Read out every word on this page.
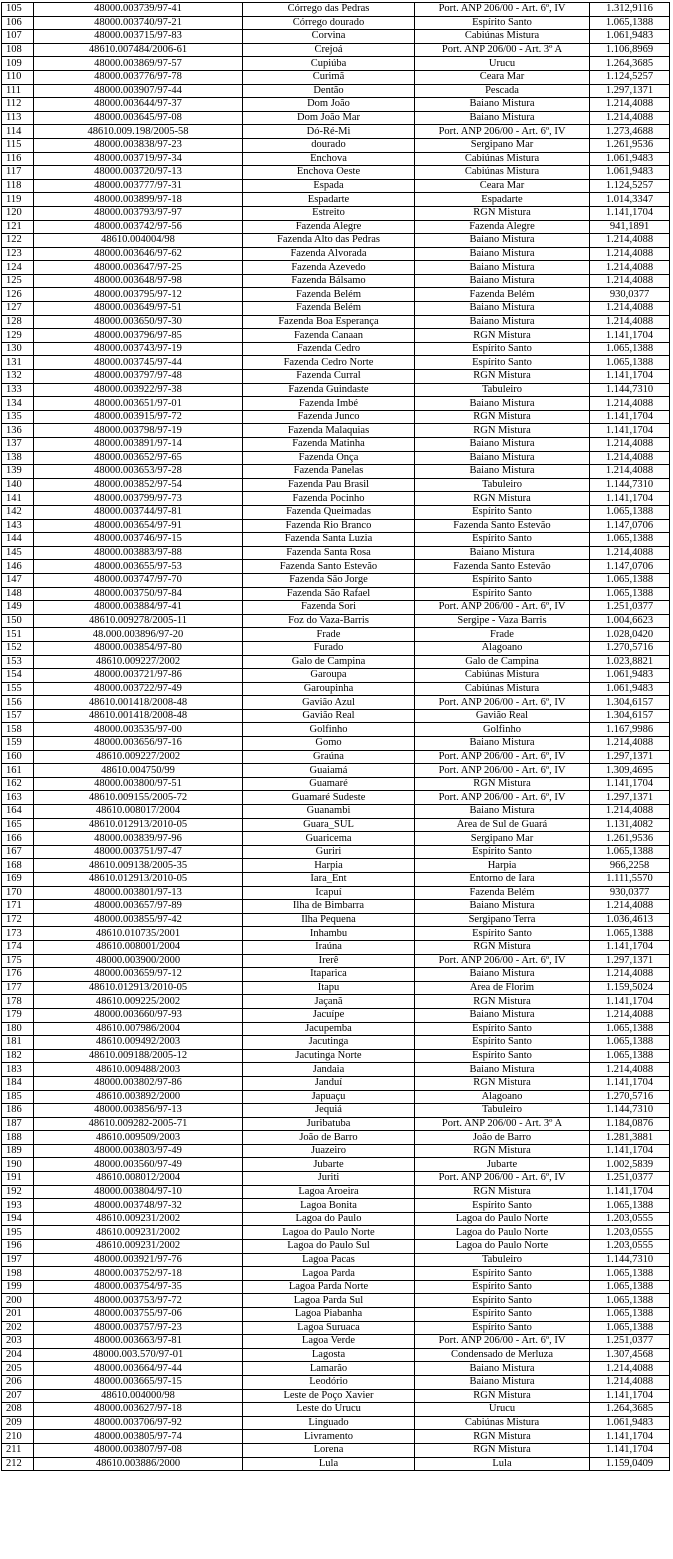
105	48000.003739/97-41	Córrego das Pedras	Port. ANP 206/00 - Art. 6º, IV	1.312,9116
106	48000.003740/97-21	Córrego dourado	Espírito Santo	1.065,1388
107	48000.003715/97-83	Corvina	Cabiúnas Mistura	1.061,9483
108	48610.007484/2006-61	Crejoá	Port. ANP 206/00 - Art. 3º A	1.106,8969
109	48000.003869/97-57	Cupiúba	Urucu	1.264,3685
110	48000.003776/97-78	Curimã	Ceara Mar	1.124,5257
111	48000.003907/97-44	Dentão	Pescada	1.297,1371
112	48000.003644/97-37	Dom João	Baiano Mistura	1.214,4088
113	48000.003645/97-08	Dom João Mar	Baiano Mistura	1.214,4088
114	48610.009.198/2005-58	Dó-Ré-Mi	Port. ANP 206/00 - Art. 6º, IV	1.273,4688
115	48000.003838/97-23	dourado	Sergipano Mar	1.261,9536
116	48000.003719/97-34	Enchova	Cabiúnas Mistura	1.061,9483
117	48000.003720/97-13	Enchova Oeste	Cabiúnas Mistura	1.061,9483
118	48000.003777/97-31	Espada	Ceara Mar	1.124,5257
119	48000.003899/97-18	Espadarte	Espadarte	1.014,3347
120	48000.003793/97-97	Estreito	RGN Mistura	1.141,1704
121	48000.003742/97-56	Fazenda Alegre	Fazenda Alegre	941,1891
122	48610.004004/98	Fazenda Alto das Pedras	Baiano Mistura	1.214,4088
123	48000.003646/97-62	Fazenda Alvorada	Baiano Mistura	1.214,4088
124	48000.003647/97-25	Fazenda Azevedo	Baiano Mistura	1.214,4088
125	48000.003648/97-98	Fazenda Bálsamo	Baiano Mistura	1.214,4088
126	48000.003795/97-12	Fazenda Belém	Fazenda Belém	930,0377
127	48000.003649/97-51	Fazenda Belém	Baiano Mistura	1.214,4088
128	48000.003650/97-30	Fazenda Boa Esperança	Baiano Mistura	1.214,4088
129	48000.003796/97-85	Fazenda Canaan	RGN Mistura	1.141,1704
130	48000.003743/97-19	Fazenda Cedro	Espírito Santo	1.065,1388
131	48000.003745/97-44	Fazenda Cedro Norte	Espírito Santo	1.065,1388
132	48000.003797/97-48	Fazenda Curral	RGN Mistura	1.141,1704
133	48000.003922/97-38	Fazenda Guindaste	Tabuleiro	1.144,7310
134	48000.003651/97-01	Fazenda Imbé	Baiano Mistura	1.214,4088
135	48000.003915/97-72	Fazenda Junco	RGN Mistura	1.141,1704
136	48000.003798/97-19	Fazenda Malaquias	RGN Mistura	1.141,1704
137	48000.003891/97-14	Fazenda Matinha	Baiano Mistura	1.214,4088
138	48000.003652/97-65	Fazenda Onça	Baiano Mistura	1.214,4088
139	48000.003653/97-28	Fazenda Panelas	Baiano Mistura	1.214,4088
140	48000.003852/97-54	Fazenda Pau Brasil	Tabuleiro	1.144,7310
141	48000.003799/97-73	Fazenda Pocinho	RGN Mistura	1.141,1704
142	48000.003744/97-81	Fazenda Queimadas	Espírito Santo	1.065,1388
143	48000.003654/97-91	Fazenda Rio Branco	Fazenda Santo Estevão	1.147,0706
144	48000.003746/97-15	Fazenda Santa Luzia	Espírito Santo	1.065,1388
145	48000.003883/97-88	Fazenda Santa Rosa	Baiano Mistura	1.214,4088
146	48000.003655/97-53	Fazenda Santo Estevão	Fazenda Santo Estevão	1.147,0706
147	48000.003747/97-70	Fazenda São Jorge	Espírito Santo	1.065,1388
148	48000.003750/97-84	Fazenda São Rafael	Espírito Santo	1.065,1388
149	48000.003884/97-41	Fazenda Sori	Port. ANP 206/00 - Art. 6º, IV	1.251,0377
150	48610.009278/2005-11	Foz do Vaza-Barris	Sergipe - Vaza Barris	1.004,6623
151	48.000.003896/97-20	Frade	Frade	1.028,0420
152	48000.003854/97-80	Furado	Alagoano	1.270,5716
153	48610.009227/2002	Galo de Campina	Galo de Campina	1.023,8821
154	48000.003721/97-86	Garoupa	Cabiúnas Mistura	1.061,9483
155	48000.003722/97-49	Garoupinha	Cabiúnas Mistura	1.061,9483
156	48610.001418/2008-48	Gavião Azul	Port. ANP 206/00 - Art. 6º, IV	1.304,6157
157	48610.001418/2008-48	Gavião Real	Gavião Real	1.304,6157
158	48000.003535/97-00	Golfinho	Golfinho	1.167,9986
159	48000.003656/97-16	Gomo	Baiano Mistura	1.214,4088
160	48610.009227/2002	Graúna	Port. ANP 206/00 - Art. 6º, IV	1.297,1371
161	48610.004750/99	Guaiamá	Port. ANP 206/00 - Art. 6º, IV	1.309,4695
162	48000.003800/97-51	Guamaré	RGN Mistura	1.141,1704
163	48610.009155/2005-72	Guamaré Sudeste	Port. ANP 206/00 - Art. 6º, IV	1.297,1371
164	48610.008017/2004	Guanambi	Baiano Mistura	1.214,4088
165	48610.012913/2010-05	Guara_SUL	Área de Sul de Guará	1.131,4082
166	48000.003839/97-96	Guaricema	Sergipano Mar	1.261,9536
167	48000.003751/97-47	Guriri	Espírito Santo	1.065,1388
168	48610.009138/2005-35	Harpia	Harpia	966,2258
169	48610.012913/2010-05	Iara_Ent	Entorno de Iara	1.111,5570
170	48000.003801/97-13	Icapuí	Fazenda Belém	930,0377
171	48000.003657/97-89	Ilha de Bimbarra	Baiano Mistura	1.214,4088
172	48000.003855/97-42	Ilha Pequena	Sergipano Terra	1.036,4613
173	48610.010735/2001	Inhambu	Espírito Santo	1.065,1388
174	48610.008001/2004	Iraúna	RGN Mistura	1.141,1704
175	48000.003900/2000	Irerê	Port. ANP 206/00 - Art. 6º, IV	1.297,1371
176	48000.003659/97-12	Itaparica	Baiano Mistura	1.214,4088
177	48610.012913/2010-05	Itapu	Área de Florim	1.159,5024
178	48610.009225/2002	Jaçanã	RGN Mistura	1.141,1704
179	48000.003660/97-93	Jacuípe	Baiano Mistura	1.214,4088
180	48610.007986/2004	Jacupemba	Espírito Santo	1.065,1388
181	48610.009492/2003	Jacutinga	Espírito Santo	1.065,1388
182	48610.009188/2005-12	Jacutinga Norte	Espírito Santo	1.065,1388
183	48610.009488/2003	Jandaia	Baiano Mistura	1.214,4088
184	48000.003802/97-86	Janduí	RGN Mistura	1.141,1704
185	48610.003892/2000	Japuaçu	Alagoano	1.270,5716
186	48000.003856/97-13	Jequiá	Tabuleiro	1.144,7310
187	48610.009282-2005-71	Juribatuba	Port. ANP 206/00 - Art. 3º A	1.184,0876
188	48610.009509/2003	João de Barro	João de Barro	1.281,3881
189	48000.003803/97-49	Juazeiro	RGN Mistura	1.141,1704
190	48000.003560/97-49	Jubarte	Jubarte	1.002,5839
191	48610.008012/2004	Juriti	Port. ANP 206/00 - Art. 6º, IV	1.251,0377
192	48000.003804/97-10	Lagoa Aroeira	RGN Mistura	1.141,1704
193	48000.003748/97-32	Lagoa Bonita	Espírito Santo	1.065,1388
194	48610.009231/2002	Lagoa do Paulo	Lagoa do Paulo Norte	1.203,0555
195	48610.009231/2002	Lagoa do Paulo Norte	Lagoa do Paulo Norte	1.203,0555
196	48610.009231/2002	Lagoa do Paulo Sul	Lagoa do Paulo Norte	1.203,0555
197	48000.003921/97-76	Lagoa Pacas	Tabuleiro	1.144,7310
198	48000.003752/97-18	Lagoa Parda	Espírito Santo	1.065,1388
199	48000.003754/97-35	Lagoa Parda Norte	Espírito Santo	1.065,1388
200	48000.003753/97-72	Lagoa Parda Sul	Espírito Santo	1.065,1388
201	48000.003755/97-06	Lagoa Piabanha	Espírito Santo	1.065,1388
202	48000.003757/97-23	Lagoa Suruaca	Espírito Santo	1.065,1388
203	48000.003663/97-81	Lagoa Verde	Port. ANP 206/00 - Art. 6º, IV	1.251,0377
204	48000.003.570/97-01	Lagosta	Condensado de Merluza	1.307,4568
205	48000.003664/97-44	Lamarão	Baiano Mistura	1.214,4088
206	48000.003665/97-15	Leodório	Baiano Mistura	1.214,4088
207	48610.004000/98	Leste de Poço Xavier	RGN Mistura	1.141,1704
208	48000.003627/97-18	Leste do Urucu	Urucu	1.264,3685
209	48000.003706/97-92	Linguado	Cabiúnas Mistura	1.061,9483
210	48000.003805/97-74	Livramento	RGN Mistura	1.141,1704
211	48000.003807/97-08	Lorena	RGN Mistura	1.141,1704
212	48610.003886/2000	Lula	Lula	1.159,0409
